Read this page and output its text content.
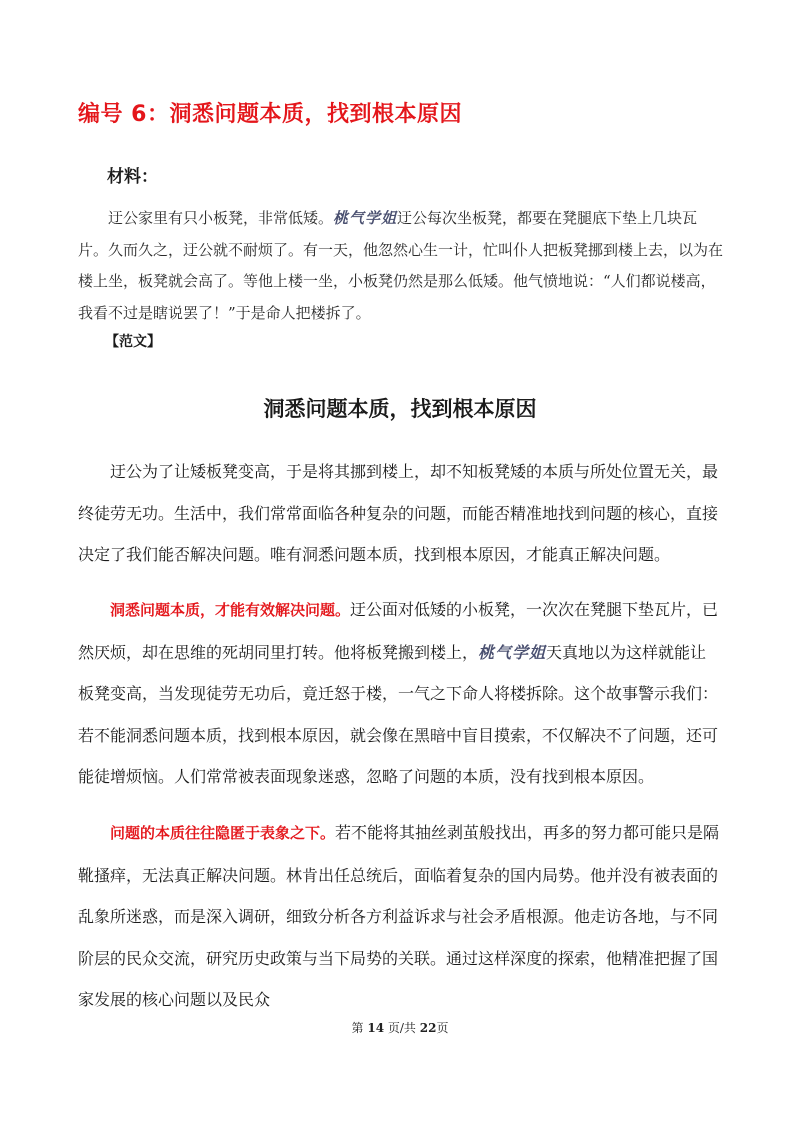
编号 6：洞悉问题本质，找到根本原因
材料：

迂公家里有只小板凳，非常低矮。桃气学姐迂公每次坐板凳，都要在凳腿底下垫上几块瓦片。久而久之，迂公就不耐烦了。有一天，他忽然心生一计，忙叫仆人把板凳挪到楼上去，以为在楼上坐，板凳就会高了。等他上楼一坐，小板凳仍然是那么低矮。他气愤地说：“人们都说楼高，我看不过是瞎说罢了！”于是命人把楼拆了。

【范文】
洞悉问题本质，找到根本原因

迂公为了让矮板凳变高，于是将其挪到楼上，却不知板凳矮的本质与所处位置无关，最终徒劳无功。生活中，我们常常面临各种复杂的问题，而能否精准地找到问题的核心，直接决定了我们能否解决问题。唯有洞悉问题本质，找到根本原因，才能真正解决问题。

洞悉问题本质，才能有效解决问题。迂公面对低矮的小板凳，一次次在凳腿下垫瓦片，已然厌烦，却在思维的死胡同里打转。他将板凳搬到楼上，桃气学姐天真地以为这样就能让板凳变高，当发现徒劳无功后，竟迁怒于楼，一气之下命人将楼拆除。这个故事警示我们：若不能洞悉问题本质，找到根本原因，就会像在黑暗中盲目摸索，不仅解决不了问题，还可能徒增烦恼。人们常常被表面现象迷惑，忽略了问题的本质，没有找到根本原因。

问题的本质往往隐匿于表象之下。若不能将其抽丝剥茧般找出，再多的努力都可能只是隔靴搔痒，无法真正解决问题。林肯出任总统后，面临着复杂的国内局势。他并没有被表面的乱象所迷惑，而是深入调研，细致分析各方利益诉求与社会矛盾根源。他走访各地，与不同阶层的民众交流，研究历史政策与当下局势的关联。通过这样深度的探索，他精准把握了国家发展的核心问题以及民众

第 14 页/共 22页
